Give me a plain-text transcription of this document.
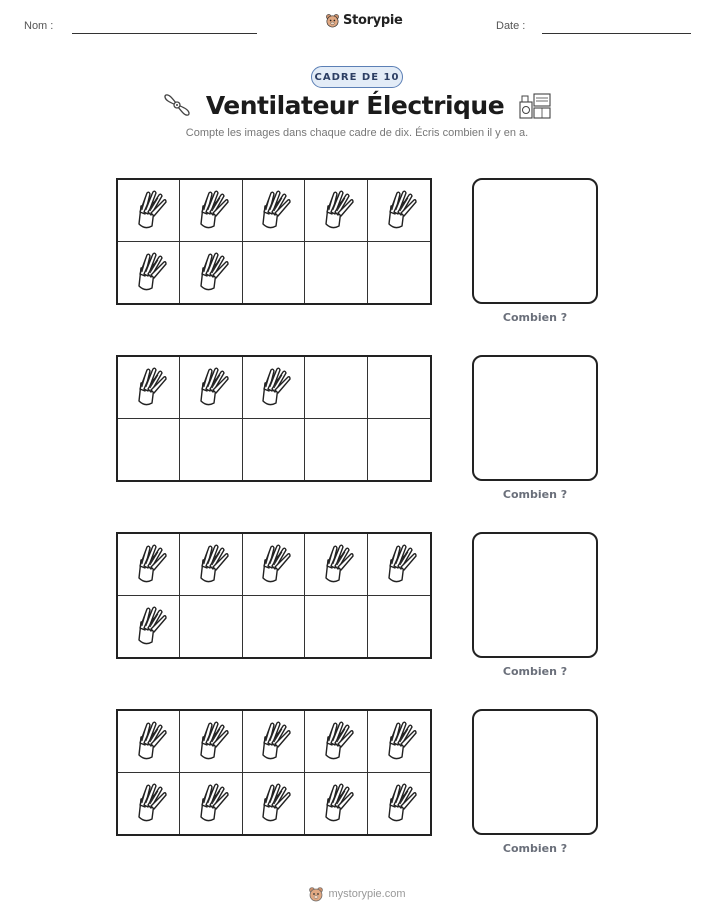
Nom :	Storypie	Date :
CADRE DE 10
Ventilateur Électrique
Compte les images dans chaque cadre de dix. Écris combien il y en a.
Combien ?
Combien ?
Combien ?
Combien ?
mystorypie.com
